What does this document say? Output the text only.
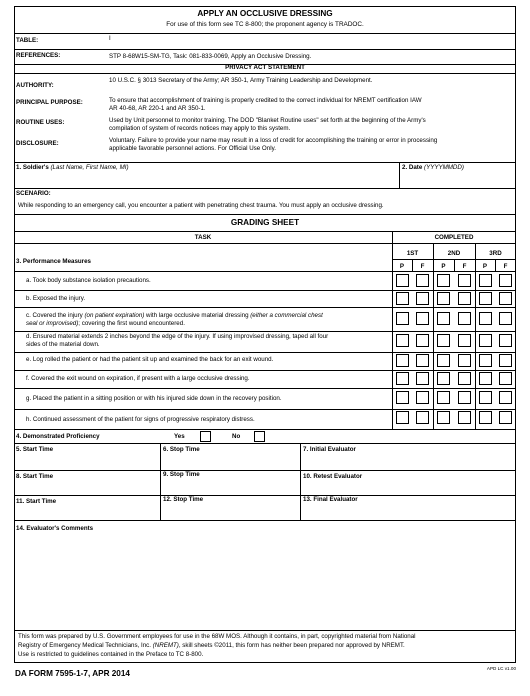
APPLY AN OCCLUSIVE DRESSING
For use of this form see TC 8-800; the proponent agency is TRADOC.
TABLE:	I
REFERENCES:	STP 8-68W15-SM-TG, Task: 081-833-0069, Apply an Occlusive Dressing.
PRIVACY ACT STATEMENT
AUTHORITY:
10 U.S.C. § 3013 Secretary of the Army; AR 350-1, Army Training Leadership and Development.
PRINCIPAL PURPOSE:	To ensure that accomplishment of training is properly credited to the correct individual for NREMT certification IAW AR 40-68, AR 220-1 and AR 350-1.
ROUTINE USES:	Used by Unit personnel to monitor training. The DOD "Blanket Routine uses" set forth at the beginning of the Army's compilation of system of records notices may apply to this system.
DISCLOSURE:	Voluntary. Failure to provide your name may result in a loss of credit for accomplishing the training or error in processing applicable favorable personnel actions. For Official Use Only.
1. Soldier's (Last Name, First Name, MI)	2. Date (YYYYMMDD)
SCENARIO:
While responding to an emergency call, you encounter a patient with penetrating chest trauma. You must apply an occlusive dressing.
GRADING SHEET
TASK	COMPLETED
3. Performance Measures
1ST	2ND	3RD
P	F	P	F	P	F
a. Took body substance isolation precautions.
b. Exposed the injury.
c. Covered the injury (on patient expiration) with large occlusive material dressing (either a commercial chest
seal or improvised); covering the first wound encountered.
d. Ensured material extends 2 inches beyond the edge of the injury. If using improvised dressing, taped all four
sides of the material down.
e. Log rolled the patient or had the patient sit up and examined the back for an exit wound.
f. Covered the exit wound on expiration, if present with a large occlusive dressing.
g. Placed the patient in a sitting position or with his injured side down in the recovery position.
h. Continued assessment of the patient for signs of progressive respiratory distress.
4. Demonstrated Proficiency	Yes	No
5. Start Time	6. Stop Time	7. Initial Evaluator
8. Start Time	9. Stop Time	10. Retest Evaluator
11. Start Time	12. Stop Time	13. Final Evaluator
14. Evaluator's Comments
This form was prepared by U.S. Government employees for use in the 68W MOS. Although it contains, in part, copyrighted material from National
Registry of Emergency Medical Technicians, Inc. (NREMT), skill sheets ©2011, this form has neither been prepared nor approved by NREMT.
Use is restricted to guidelines contained in the Preface to TC 8-800.
DA FORM 7595-1-7, APR 2014
APD LC v1.00
